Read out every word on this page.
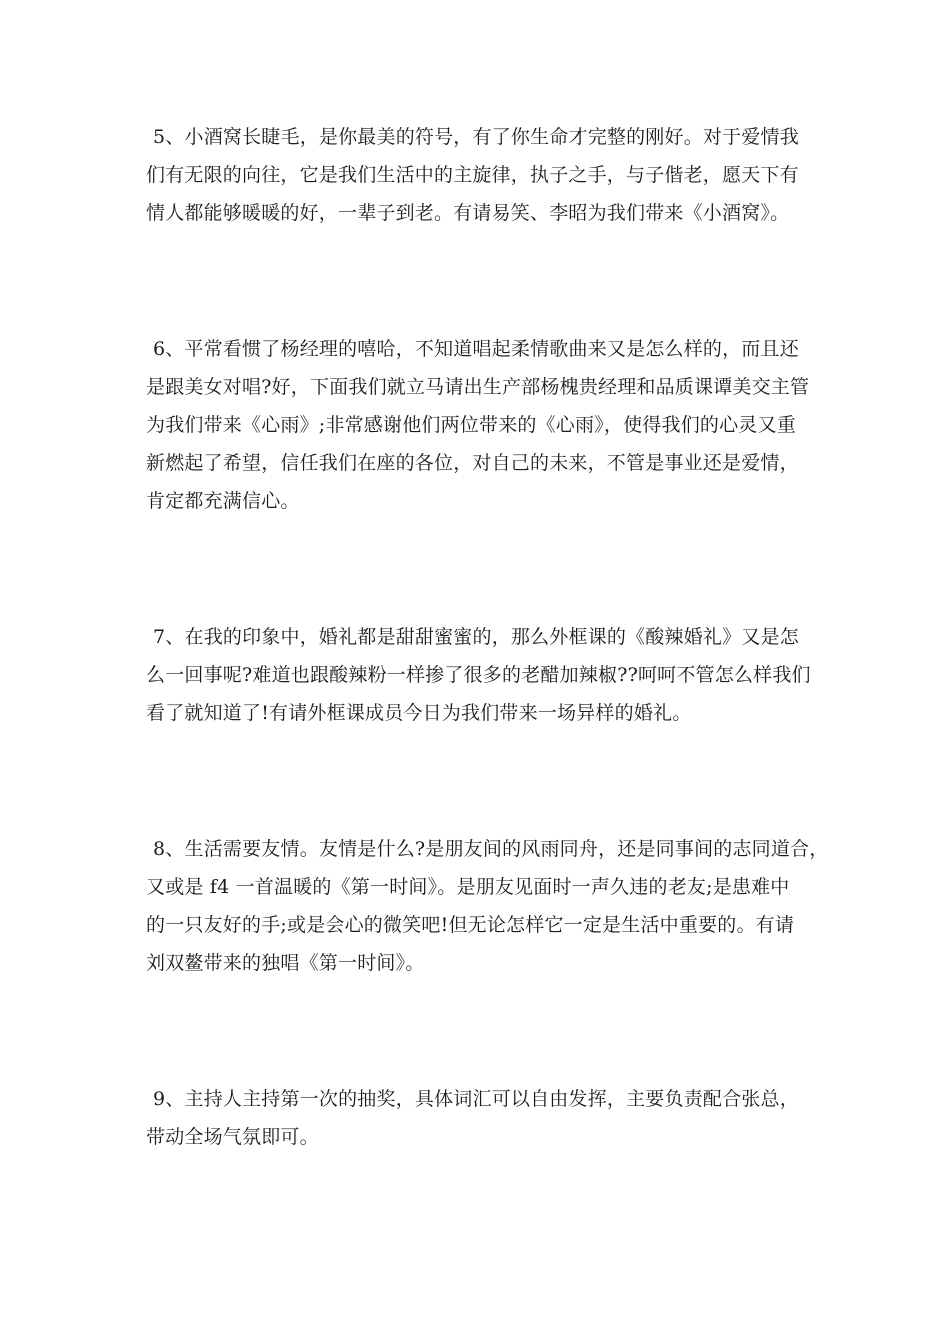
5、小酒窝长睫毛，是你最美的符号，有了你生命才完整的刚好。对于爱情我
们有无限的向往，它是我们生活中的主旋律，执子之手，与子偕老，愿天下有
情人都能够暖暖的好，一辈子到老。有请易笑、李昭为我们带来《小酒窝》。
6、平常看惯了杨经理的嘻哈，不知道唱起柔情歌曲来又是怎么样的，而且还
是跟美女对唱?好，下面我们就立马请出生产部杨槐贵经理和品质课谭美交主管
为我们带来《心雨》;非常感谢他们两位带来的《心雨》，使得我们的心灵又重
新燃起了希望，信任我们在座的各位，对自己的未来，不管是事业还是爱情，
肯定都充满信心。
7、在我的印象中，婚礼都是甜甜蜜蜜的，那么外框课的《酸辣婚礼》又是怎
么一回事呢?难道也跟酸辣粉一样掺了很多的老醋加辣椒??呵呵不管怎么样我们
看了就知道了!有请外框课成员今日为我们带来一场异样的婚礼。
8、生活需要友情。友情是什么?是朋友间的风雨同舟，还是同事间的志同道合，
又或是 f4 一首温暖的《第一时间》。是朋友见面时一声久违的老友;是患难中
的一只友好的手;或是会心的微笑吧!但无论怎样它一定是生活中重要的。有请
刘双鳌带来的独唱《第一时间》。
9、主持人主持第一次的抽奖，具体词汇可以自由发挥，主要负责配合张总，
带动全场气氛即可。
